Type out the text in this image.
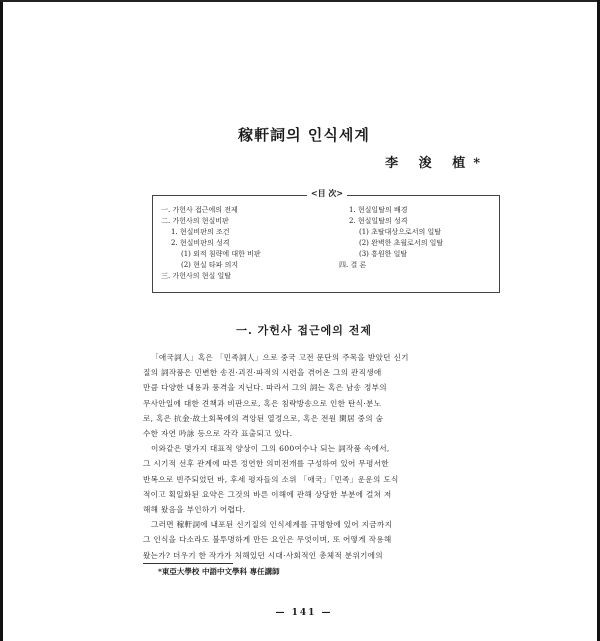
稼軒詞의 인식세계
李 浚 植*
<目 次>
一. 가헌사 접근에의 전제
二. 가헌사의 현실비판
1. 현실비판의 조건
2. 현실비판의 성격
(1) 외적 침략에 대한 비판
(2) 현실 타파 의지
三. 가헌사의 현실 일탈
1. 현실일탈의 배경
2. 현실일탈의 성격
(1) 초탈대상으로서의 일탈
(2) 완벽한 초월로서의 일탈
(3) 흥원한 일탈
四. 결 론
一. 가헌사 접근에의 전제
「애국詞人」혹은 「민족詞人」으로 중국 고전 문단의 주목을 받았던 신기
질의 詞작품은 민변한 송진·괴진·파적의 시련을 겪어온 그의 관직생애
만큼 다양한 내용과 풍격을 지닌다. 따라서 그의 詞는 혹은 남송 정부의
무사안일에 대한 견책과 비판으로, 혹은 침략방송으로 인한 탄식·분노
로, 혹은 抗金·故土회복에의 격앙된 열정으로, 혹은 전원 閑居 중의 숨
수한 자연 吟詠 등으로 각각 표출되고 있다.
이와같은 몇가지 대표적 양상이 그의 600여수나 되는 詞작품 속에서,
그 시기적 선후 관계에 따른 정연한 의미전개를 구성하여 있어 무평서한
반복으로 빈주되었던 바, 후세 평자들의 소위 「애국」「민족」운운의 도식
적이고 획일화된 요약은 그것의 바른 이해에 관해 상당한 부분에 걸쳐 저
해해 왔음을 부인하기 어렵다.
그러면 稼軒詞에 내포된 신기질의 인식세계를 규명함에 있어 지금까지
그 인식을 다소라도 불투명하게 만든 요인은 무엇이며, 또 어떻게 작용해
왔는가? 더우기 한 작가가 처해있던 시대·사회적인 총체적 분위기에의
*東亞大學校 中語中文學科 專任講師
— 141 —
